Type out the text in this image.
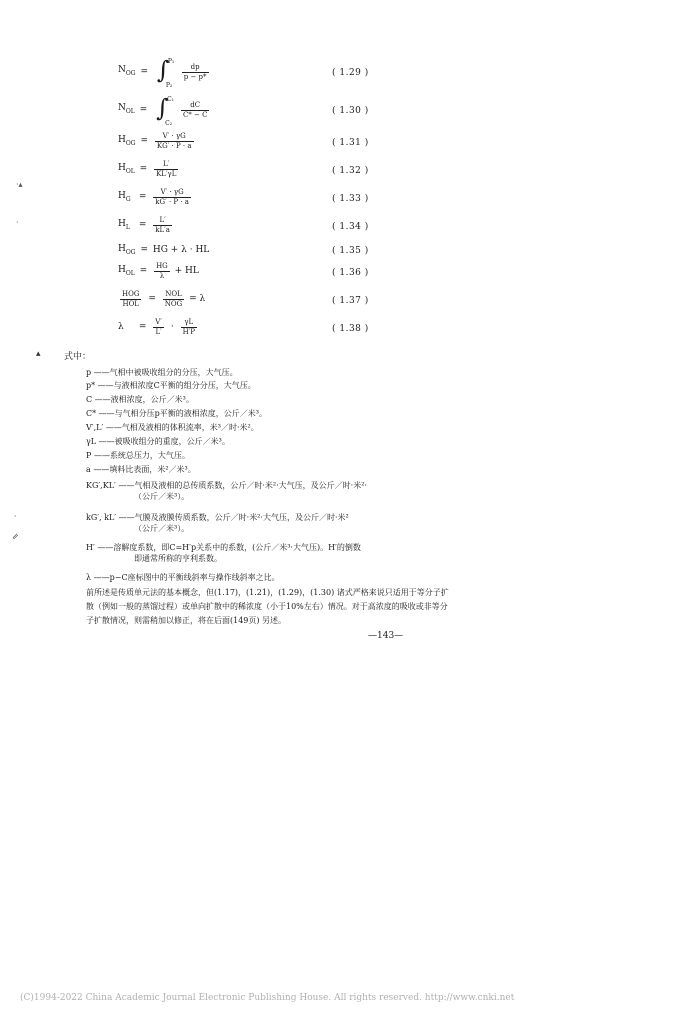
$N_{OG}$ = ∫
P₁
P₂

$\frac{dp}{p - p*}$	( 1.29 )
$N_{OL}$ = ∫
C₁
C₂

$\frac{dC}{C* - C}$	( 1.30 )
$H_{OG} = \frac{V' \cdot \gamma G}{KG' \cdot P \cdot a}$	( 1.31 )
$H_{OL} = \frac{L'}{KL'\gamma L}$	( 1.32 )
$H_G = \frac{V' \cdot \gamma G}{kG' \cdot P \cdot a}$	( 1.33 )
$H_L = \frac{L'}{kL'a}$	( 1.34 )
$H_{OG}$ = HG + λ · HL	( 1.35 )
$H_{OL} = \frac{HG}{\lambda}$ + HL	( 1.36 )
$\frac{\text{HOG}}{\text{HOL}} = \frac{\text{NOL}}{\text{NOG}} = \lambda$	( 1.37 )
$\lambda = \frac{V'}{L'} \cdot \frac{\gamma L}{H'P}$	( 1.38 )
·▴
·
▴
·
⇙
式中：
p ——气相中被吸收组分的分压，大气压。
p* ——与液相浓度C平衡的组分分压，大气压。
C ——液相浓度，公斤／米³。
C* ——与气相分压p平衡的液相浓度，公斤／米³。
V′,L′ ——气相及液相的体积流率，米³／时·米²。
γL ——被吸收组分的重度，公斤／米³。
P ——系统总压力，大气压。
a ——填料比表面，米²／米³。
KG′,KL′ ——气相及液相的总传质系数，公斤／时·米²·大气压，及公斤／时·米²·
（公斤／米³）。
kG′, kL′ ——气膜及液膜传质系数，公斤／时·米²·大气压，及公斤／时·米²
（公斤／米³）。
H′ ——溶解度系数，即C=H′p关系中的系数，(公斤／米³·大气压)。H′的倒数
即通常所称的亨利系数。
λ ——p−C座标图中的平衡线斜率与操作线斜率之比。
前所述是传质单元法的基本概念，但(1.17)，(1.21)，(1.29)，(1.30) 诸式严格来说只适用于等分子扩散（例如一般的蒸馏过程）或单向扩散中的稀浓度（小于10%左右）情况。对于高浓度的吸收或非等分子扩散情况，则需稍加以修正，将在后面(149页) 另述。
—143—
(C)1994-2022 China Academic Journal Electronic Publishing House. All rights reserved. http://www.cnki.net
